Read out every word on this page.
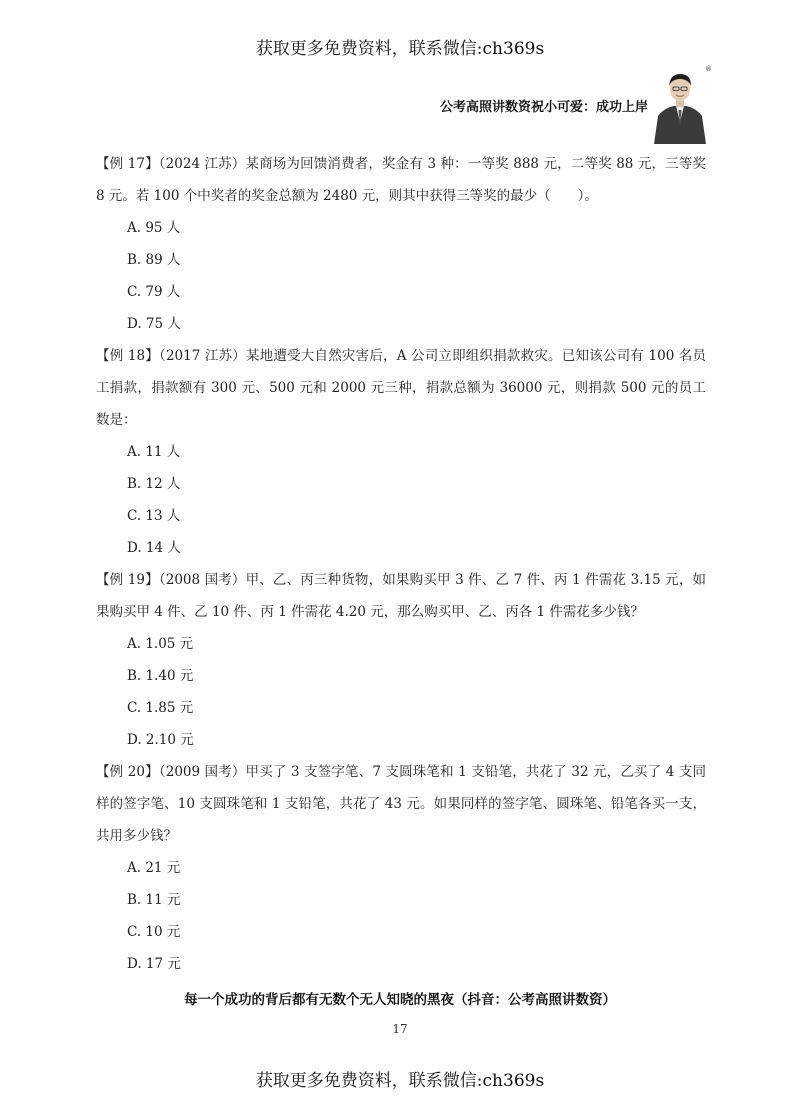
获取更多免费资料，联系微信:ch369s
®
公考高照讲数资祝小可爱：成功上岸

【例 17】（2024 江苏）某商场为回馈消费者，奖金有 3 种：一等奖 888 元，二等奖 88 元，三等奖 8 元。若 100 个中奖者的奖金总额为 2480 元，则其中获得三等奖的最少（　　）。

A. 95 人
B. 89 人
C. 79 人
D. 75 人

【例 18】（2017 江苏）某地遭受大自然灾害后，A 公司立即组织捐款救灾。已知该公司有 100 名员工捐款，捐款额有 300 元、500 元和 2000 元三种，捐款总额为 36000 元，则捐款 500 元的员工数是：

A. 11 人
B. 12 人
C. 13 人
D. 14 人

【例 19】（2008 国考）甲、乙、丙三种货物，如果购买甲 3 件、乙 7 件、丙 1 件需花 3.15 元，如果购买甲 4 件、乙 10 件、丙 1 件需花 4.20 元，那么购买甲、乙、丙各 1 件需花多少钱？

A. 1.05 元
B. 1.40 元
C. 1.85 元
D. 2.10 元

【例 20】（2009 国考）甲买了 3 支签字笔、7 支圆珠笔和 1 支铅笔，共花了 32 元，乙买了 4 支同样的签字笔、10 支圆珠笔和 1 支铅笔，共花了 43 元。如果同样的签字笔、圆珠笔、铅笔各买一支，共用多少钱？

A. 21 元
B. 11 元
C. 10 元
D. 17 元
每一个成功的背后都有无数个无人知晓的黑夜（抖音：公考高照讲数资）
17
获取更多免费资料，联系微信:ch369s
